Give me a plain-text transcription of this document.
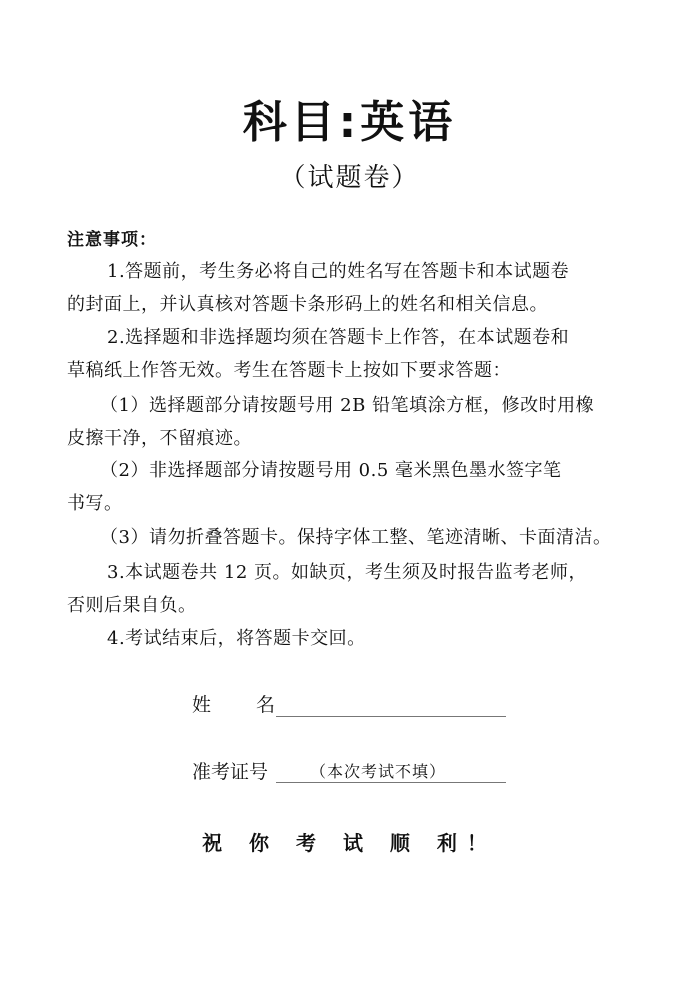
科目:英语
（试题卷）
注意事项：
1.答题前，考生务必将自己的姓名写在答题卡和本试题卷
的封面上，并认真核对答题卡条形码上的姓名和相关信息。
2.选择题和非选择题均须在答题卡上作答，在本试题卷和
草稿纸上作答无效。考生在答题卡上按如下要求答题：
（1）选择题部分请按题号用 2B 铅笔填涂方框，修改时用橡
皮擦干净，不留痕迹。
（2）非选择题部分请按题号用 0.5 毫米黑色墨水签字笔
书写。
（3）请勿折叠答题卡。保持字体工整、笔迹清晰、卡面清洁。
3.本试题卷共 12 页。如缺页，考生须及时报告监考老师，
否则后果自负。
4.考试结束后，将答题卡交回。
姓 名
准考证号	（本次考试不填）
祝 你 考 试 顺 利！
